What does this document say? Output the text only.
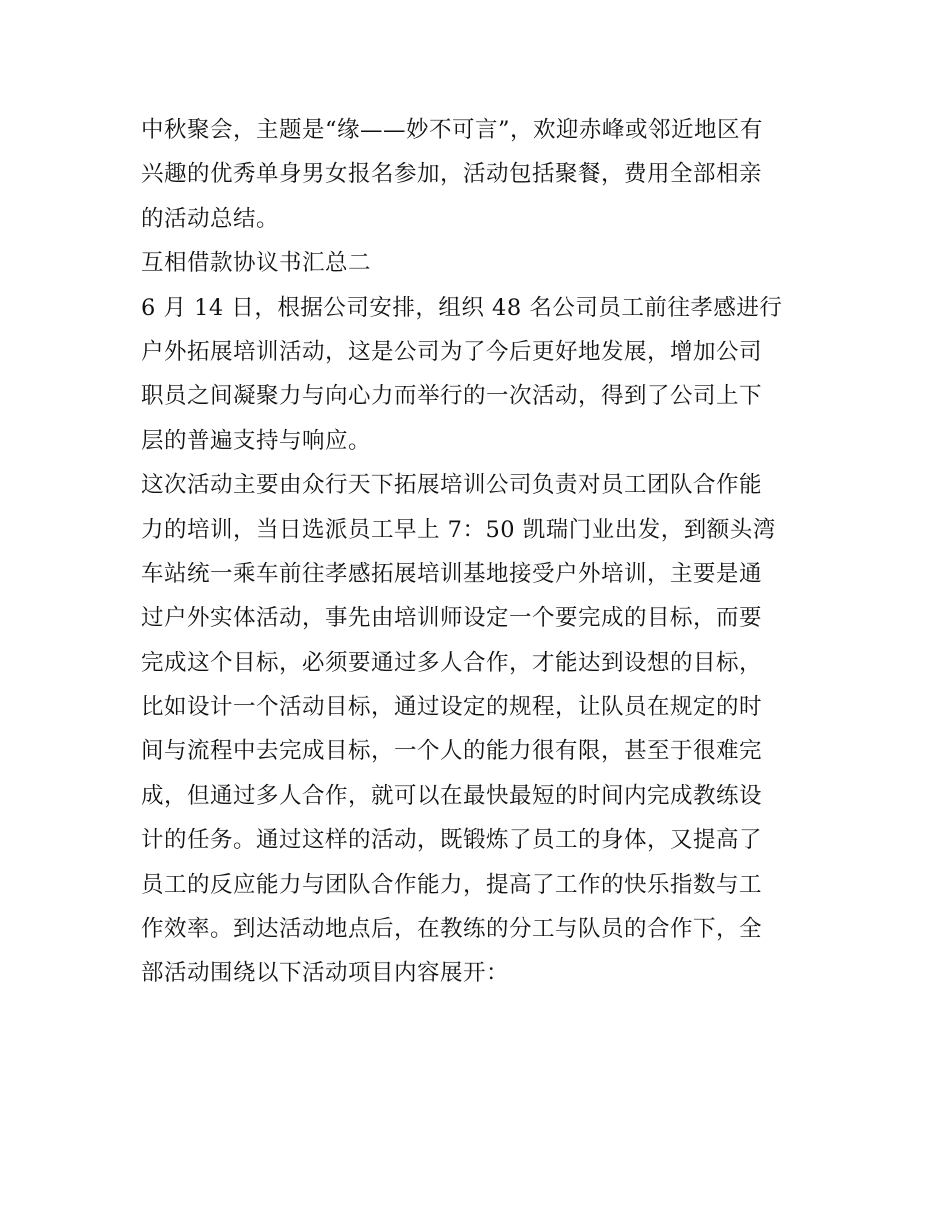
中秋聚会，主题是“缘——妙不可言”，欢迎赤峰或邻近地区有
兴趣的优秀单身男女报名参加，活动包括聚餐，费用全部相亲
的活动总结。
互相借款协议书汇总二
6 月 14 日，根据公司安排，组织 48 名公司员工前往孝感进行
户外拓展培训活动，这是公司为了今后更好地发展，增加公司
职员之间凝聚力与向心力而举行的一次活动，得到了公司上下
层的普遍支持与响应。
这次活动主要由众行天下拓展培训公司负责对员工团队合作能
力的培训，当日选派员工早上 7：50 凯瑞门业出发，到额头湾
车站统一乘车前往孝感拓展培训基地接受户外培训，主要是通
过户外实体活动，事先由培训师设定一个要完成的目标，而要
完成这个目标，必须要通过多人合作，才能达到设想的目标，
比如设计一个活动目标，通过设定的规程，让队员在规定的时
间与流程中去完成目标，一个人的能力很有限，甚至于很难完
成，但通过多人合作，就可以在最快最短的时间内完成教练设
计的任务。通过这样的活动，既锻炼了员工的身体，又提高了
员工的反应能力与团队合作能力，提高了工作的快乐指数与工
作效率。到达活动地点后，在教练的分工与队员的合作下，全
部活动围绕以下活动项目内容展开：
